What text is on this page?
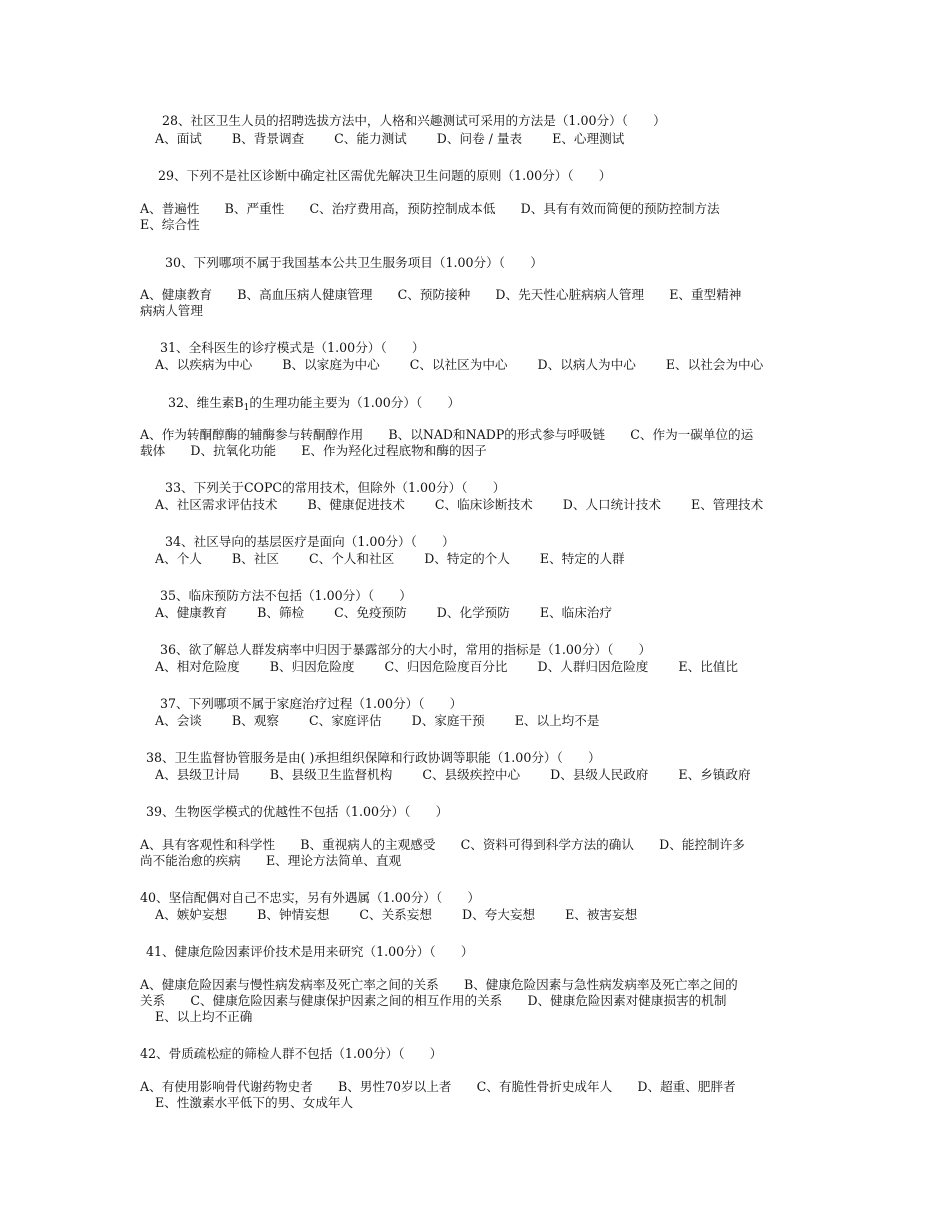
28、社区卫生人员的招聘选拔方法中，人格和兴趣测试可采用的方法是（1.00分）（　　）
A、面试 B、背景调查 C、能力测试 D、问卷 / 量表 E、心理测试
29、下列不是社区诊断中确定社区需优先解决卫生问题的原则（1.00分）（　　）
A、普遍性　　B、严重性　　C、治疗费用高，预防控制成本低　　D、具有有效而简便的预防控制方法
E、综合性
30、下列哪项不属于我国基本公共卫生服务项目（1.00分）（　　）
A、健康教育　　B、高血压病人健康管理　　C、预防接种　　D、先天性心脏病病人管理　　E、重型精神
病病人管理
31、全科医生的诊疗模式是（1.00分）（　　）
A、以疾病为中心 B、以家庭为中心 C、以社区为中心 D、以病人为中心 E、以社会为中心
32、维生素$B_1$的生理功能主要为（1.00分）（　　）
A、作为转酮醇酶的辅酶参与转酮醇作用　　B、以NAD和NADP的形式参与呼吸链　　C、作为一碳单位的运
载体　　D、抗氧化功能　　E、作为羟化过程底物和酶的因子
33、下列关于COPC的常用技术，但除外（1.00分）（　　）
A、社区需求评估技术 B、健康促进技术 C、临床诊断技术 D、人口统计技术 E、管理技术
34、社区导向的基层医疗是面向（1.00分）（　　）
A、个人 B、社区 C、个人和社区 D、特定的个人 E、特定的人群
35、临床预防方法不包括（1.00分）（　　）
A、健康教育 B、筛检 C、免疫预防 D、化学预防 E、临床治疗
36、欲了解总人群发病率中归因于暴露部分的大小时，常用的指标是（1.00分）（　　）
A、相对危险度 B、归因危险度 C、归因危险度百分比 D、人群归因危险度 E、比值比
37、下列哪项不属于家庭治疗过程（1.00分）（　　）
A、会谈 B、观察 C、家庭评估 D、家庭干预 E、以上均不是
38、卫生监督协管服务是由( )承担组织保障和行政协调等职能（1.00分）（　　）
A、县级卫计局 B、县级卫生监督机构 C、县级疾控中心 D、县级人民政府 E、乡镇政府
39、生物医学模式的优越性不包括（1.00分）（　　）
A、具有客观性和科学性　　B、重视病人的主观感受　　C、资料可得到科学方法的确认　　D、能控制许多
尚不能治愈的疾病　　E、理论方法简单、直观
40、坚信配偶对自己不忠实，另有外遇属（1.00分）（　　）
A、嫉妒妄想 B、钟情妄想 C、关系妄想 D、夸大妄想 E、被害妄想
41、健康危险因素评价技术是用来研究（1.00分）（　　）
A、健康危险因素与慢性病发病率及死亡率之间的关系　　B、健康危险因素与急性病发病率及死亡率之间的
关系　　C、健康危险因素与健康保护因素之间的相互作用的关系　　D、健康危险因素对健康损害的机制
E、以上均不正确
42、骨质疏松症的筛检人群不包括（1.00分）（　　）
A、有使用影响骨代谢药物史者　　B、男性70岁以上者　　C、有脆性骨折史成年人　　D、超重、肥胖者
E、性激素水平低下的男、女成年人
